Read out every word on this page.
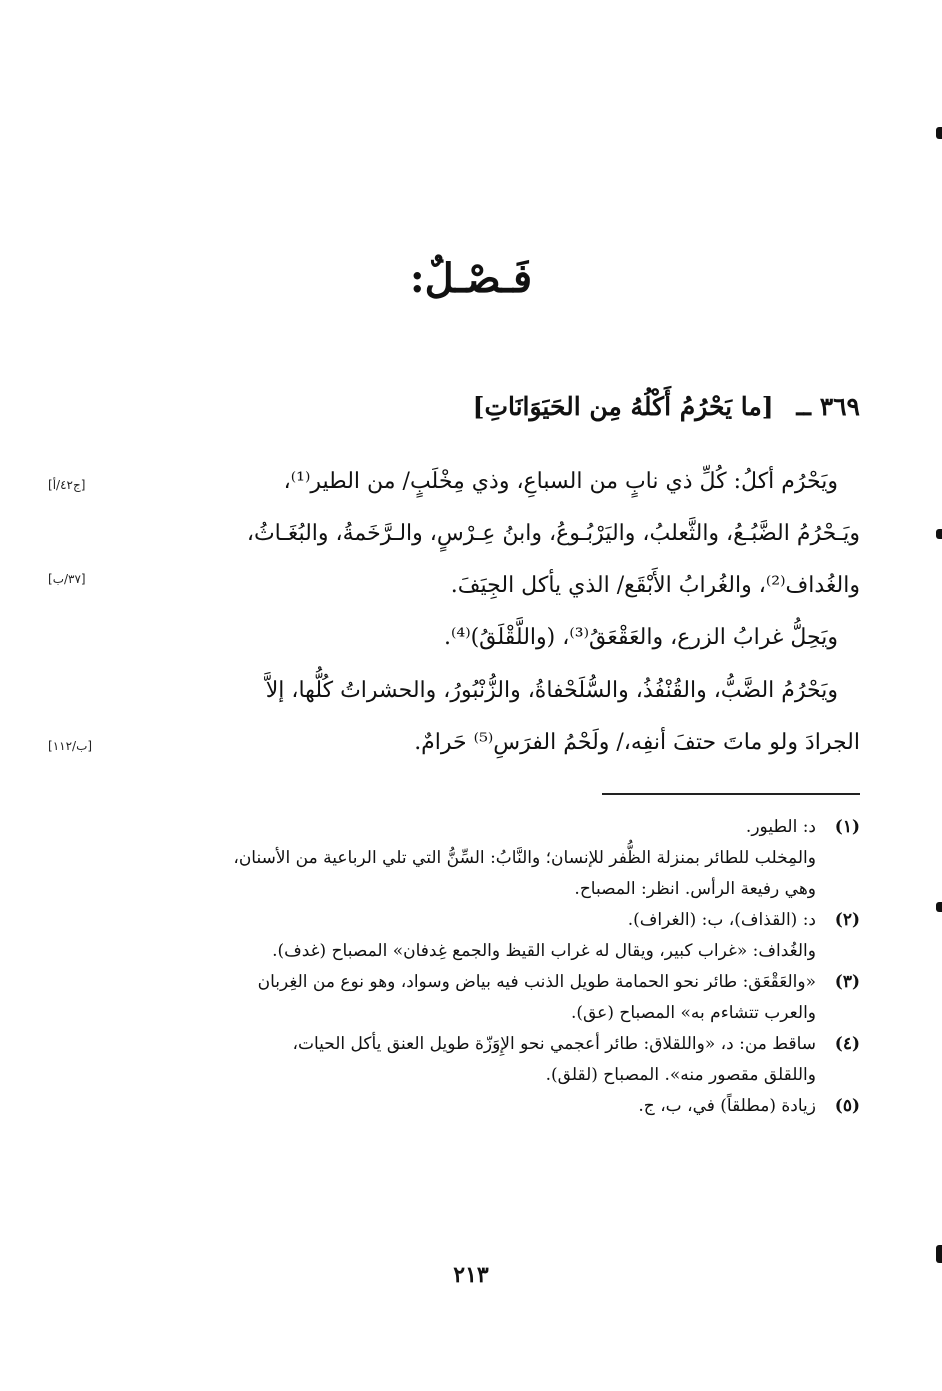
فَـصْـلٌ:
٣٦٩ ــ [ما يَحْرُمُ أَكْلُهُ مِن الحَيَوَانَاتِ]
ويَحْرُم أكلُ: كُلِّ ذي نابٍ من السباعِ، وذي مِخْلَبٍ/ من الطير⁽¹⁾،
ويَـحْرُمُ الضَّبُـعُ، والثَّعلبُ، واليَرْبُـوعُ، وابنُ عِـرْسٍ، والـرَّخَمةُ، والبُغَـاثُ،
والغُداف⁽²⁾، والغُرابُ الأَبْقَع/ الذي يأكل الجِيَفَ.
ويَحِلُّ غرابُ الزرع، والعَقْعَقُ⁽³⁾، (واللَّقْلَقُ)⁽⁴⁾.
ويَحْرُمُ الضَّبُّ، والقُنْفُذُ، والسُّلَحْفاةُ، والزُّنْبُورُ، والحشراتُ كُلُّها، إلاَّ
الجرادَ ولو ماتَ حتفَ أنفِه،/ ولَحْمُ الفرَسِ⁽⁵⁾ حَرامٌ.
[ج٤٢/أ]
[٣٧/ب]
[ب/١١٢]
(١)
د: الطيور.
والمِخلب للطائر بمنزلة الظُّفر للإنسان؛ والنَّابُ: السِّنُّ التي تلي الرباعية من الأسنان،
وهي رفيعة الرأس. انظر: المصباح.
(٢)
د: (القذاف)، ب: (الغراف).
والغُداف: «غراب كبير، ويقال له غراب القيظ والجمع غِدفان» المصباح (غدف).
(٣)
«والعَقْعَق: طائر نحو الحمامة طويل الذنب فيه بياض وسواد، وهو نوع من الغِربان
والعرب تتشاءم به» المصباح (عق).
(٤)
ساقط من: د، «واللقلاق: طائر أعجمي نحو الإِوَزّة طويل العنق يأكل الحيات،
واللقلق مقصور منه». المصباح (لقلق).
(٥)
زيادة (مطلقاً) في، ب، ج.
٢١٣
